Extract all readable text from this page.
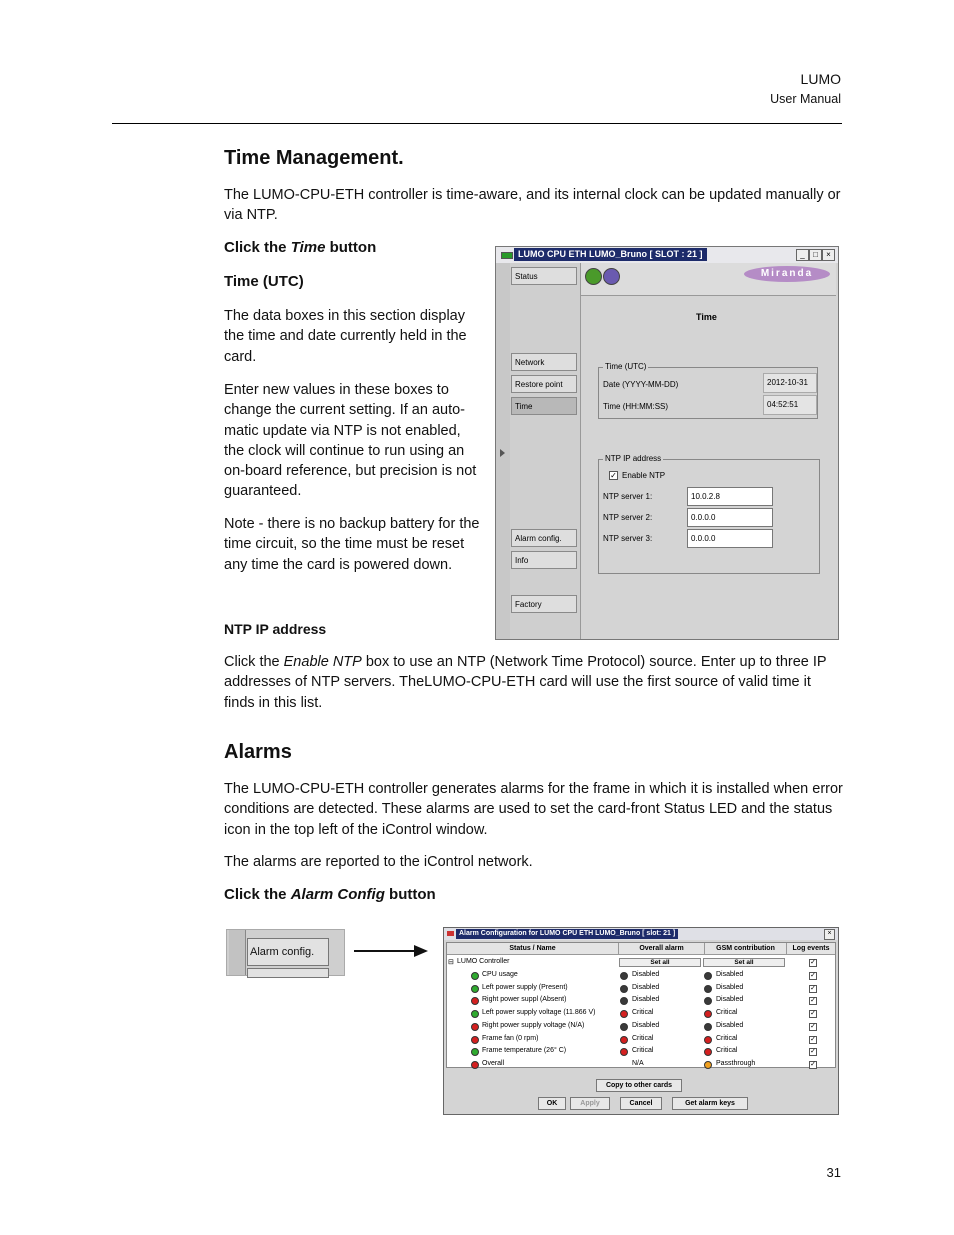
LUMO
User Manual
Time Management.

The LUMO-CPU-ETH controller is time-aware, and its internal clock can be updated manually or via NTP.

Click the Time button

Time (UTC)

The data boxes in this section display the time and date currently held in the card.

Enter new values in these boxes to change the current setting. If an auto-matic update via NTP is not enabled, the clock will continue to run using an on-board reference, but precision is not guaranteed.

Note - there is no backup battery for the time circuit, so the time must be reset any time the card is powered down.

NTP IP address

Click the Enable NTP box to use an NTP (Network Time Protocol) source. Enter up to three IP addresses of NTP servers. TheLUMO-CPU-ETH card will use the first source of valid time it finds in this list.

LUMO CPU ETH LUMO_Bruno [ SLOT : 21 ]	_	□	×
Status
Network
Restore point
Time
Alarm config.
Info
Factory
Miranda
Time
Time (UTC)
Date (YYYY-MM-DD)	2012-10-31
Time (HH:MM:SS)	04:52:51
NTP IP address
✓ Enable NTP
NTP server 1:	10.0.2.8
NTP server 2:	0.0.0.0
NTP server 3:	0.0.0.0
Alarms

The LUMO-CPU-ETH controller generates alarms for the frame in which it is installed when error conditions are detected. These alarms are used to set the card-front Status LED and the status icon in the top left of the iControl window.

The alarms are reported to the iControl network.

Click the Alarm Config button

Alarm config.
Alarm Configuration for LUMO CPU ETH LUMO_Bruno [ slot: 21 ]	×
Status / Name	Overall alarm	GSM contribution	Log events
⊟ LUMO Controller	Set all	Set all	✓
CPU usage	Disabled	Disabled	✓
Left power supply (Present)	Disabled	Disabled	✓
Right power suppl (Absent)	Disabled	Disabled	✓
Left power supply voltage (11.866 V)	Critical	Critical	✓
Right power supply voltage (N/A)	Disabled	Disabled	✓
Frame fan (0 rpm)	Critical	Critical	✓
Frame temperature (26° C)	Critical	Critical	✓
Overall	N/A	Passthrough	✓
Copy to other cards
OK	Apply	Cancel	Get alarm keys
31
